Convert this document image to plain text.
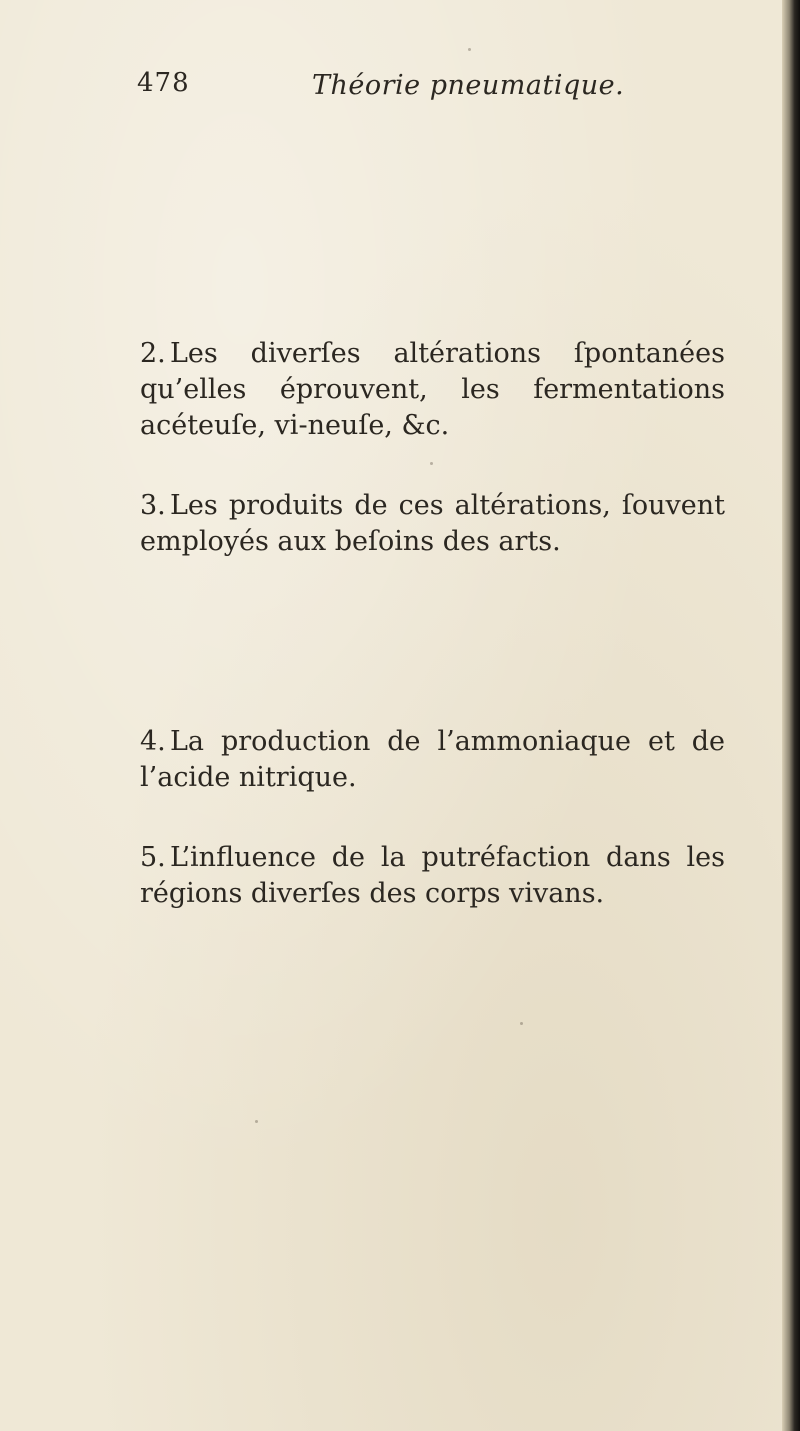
478	Théorie pneumatique.
2. Les diverſes altérations ſpontanées qu’elles éprouvent, les fermentations acéteuſe, vi-neuſe, &c.
3. Les produits de ces altérations, ſouvent employés aux beſoins des arts.
4. La production de l’ammoniaque et de l’acide nitrique.
5. L’influence de la putréfaction dans les régions diverſes des corps vivans.
